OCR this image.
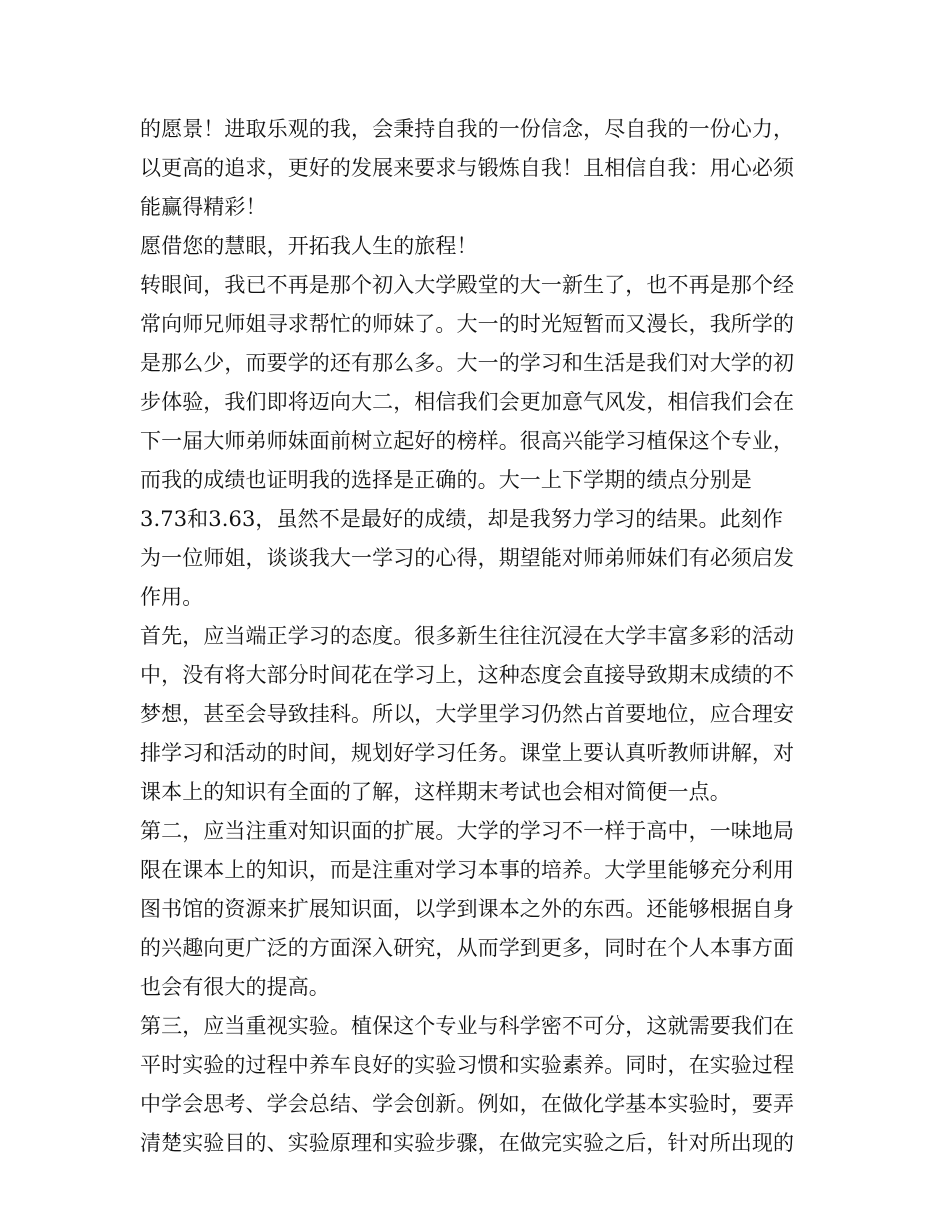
的愿景！进取乐观的我，会秉持自我的一份信念，尽自我的一份心力，
以更高的追求，更好的发展来要求与锻炼自我！且相信自我：用心必须
能赢得精彩！
愿借您的慧眼，开拓我人生的旅程！
转眼间，我已不再是那个初入大学殿堂的大一新生了，也不再是那个经
常向师兄师姐寻求帮忙的师妹了。大一的时光短暂而又漫长，我所学的
是那么少，而要学的还有那么多。大一的学习和生活是我们对大学的初
步体验，我们即将迈向大二，相信我们会更加意气风发，相信我们会在
下一届大师弟师妹面前树立起好的榜样。很高兴能学习植保这个专业，
而我的成绩也证明我的选择是正确的。大一上下学期的绩点分别是
3.73和3.63，虽然不是最好的成绩，却是我努力学习的结果。此刻作
为一位师姐，谈谈我大一学习的心得，期望能对师弟师妹们有必须启发
作用。
首先，应当端正学习的态度。很多新生往往沉浸在大学丰富多彩的活动
中，没有将大部分时间花在学习上，这种态度会直接导致期末成绩的不
梦想，甚至会导致挂科。所以，大学里学习仍然占首要地位，应合理安
排学习和活动的时间，规划好学习任务。课堂上要认真听教师讲解，对
课本上的知识有全面的了解，这样期末考试也会相对简便一点。
第二，应当注重对知识面的扩展。大学的学习不一样于高中，一味地局
限在课本上的知识，而是注重对学习本事的培养。大学里能够充分利用
图书馆的资源来扩展知识面，以学到课本之外的东西。还能够根据自身
的兴趣向更广泛的方面深入研究，从而学到更多，同时在个人本事方面
也会有很大的提高。
第三，应当重视实验。植保这个专业与科学密不可分，这就需要我们在
平时实验的过程中养车良好的实验习惯和实验素养。同时，在实验过程
中学会思考、学会总结、学会创新。例如，在做化学基本实验时，要弄
清楚实验目的、实验原理和实验步骤，在做完实验之后，针对所出现的
